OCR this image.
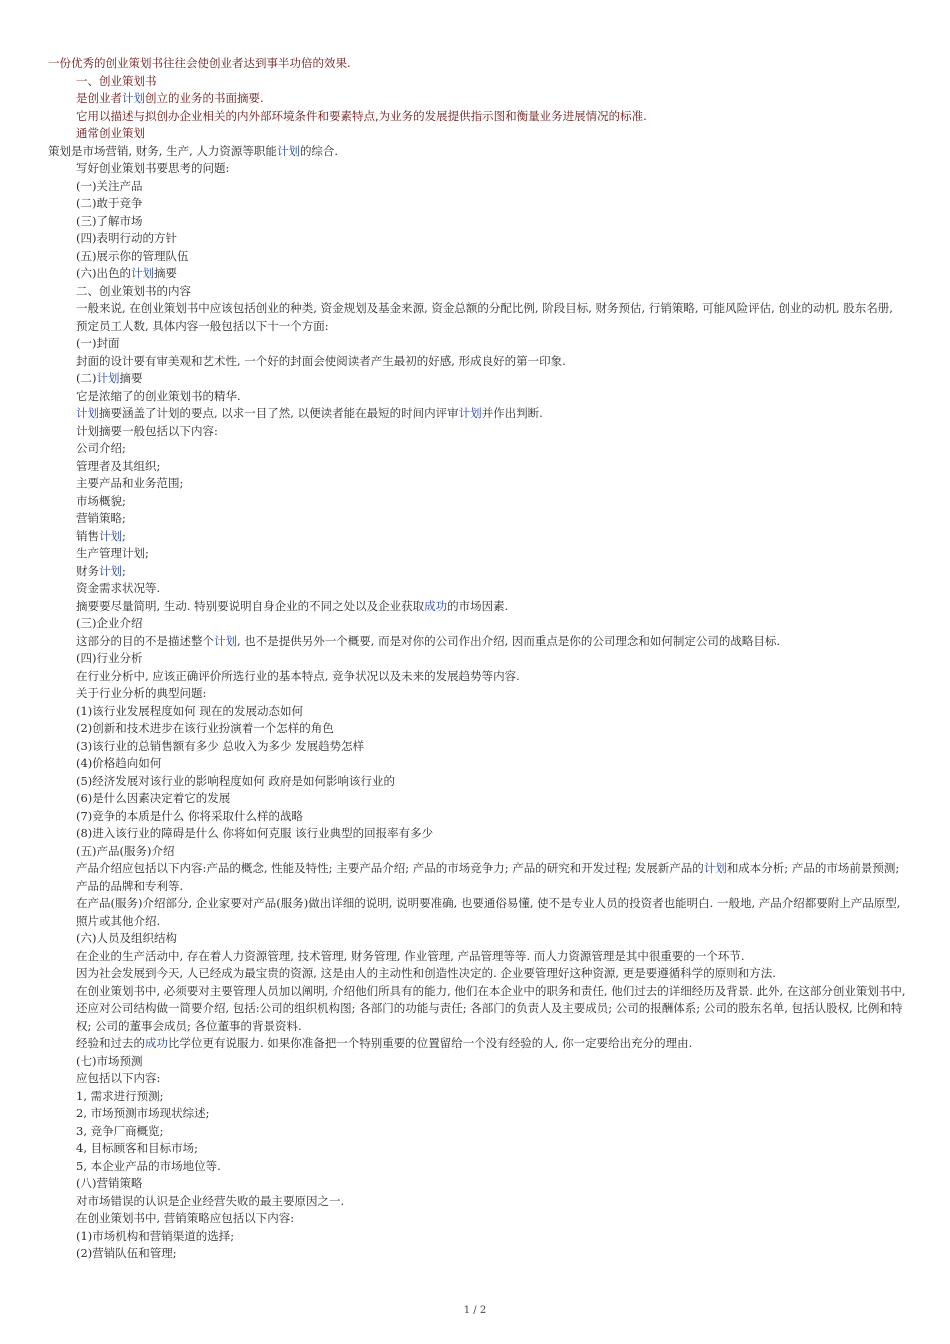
一份优秀的创业策划书往往会使创业者达到事半功倍的效果.
一、创业策划书
是创业者计划创立的业务的书面摘要.
它用以描述与拟创办企业相关的内外部环境条件和要素特点,为业务的发展提供指示图和衡量业务进展情况的标准.
通常创业策划
策划是市场营销, 财务, 生产, 人力资源等职能计划的综合.
写好创业策划书要思考的问题:
(一)关注产品
(二)敢于竞争
(三)了解市场
(四)表明行动的方针
(五)展示你的管理队伍
(六)出色的计划摘要
二、创业策划书的内容
一般来说, 在创业策划书中应该包括创业的种类, 资金规划及基金来源, 资金总额的分配比例, 阶段目标, 财务预估, 行销策略, 可能风险评估, 创业的动机, 股东名册, 预定员工人数, 具体内容一般包括以下十一个方面:
(一)封面
封面的设计要有审美观和艺术性, 一个好的封面会使阅读者产生最初的好感, 形成良好的第一印象.
(二)计划摘要
它是浓缩了的创业策划书的精华.
计划摘要涵盖了计划的要点, 以求一目了然, 以便读者能在最短的时间内评审计划并作出判断.
计划摘要一般包括以下内容:
公司介绍;
管理者及其组织;
主要产品和业务范围;
市场概貌;
营销策略;
销售计划;
生产管理计划;
财务计划;
资金需求状况等.
摘要要尽量简明, 生动. 特别要说明自身企业的不同之处以及企业获取成功的市场因素.
(三)企业介绍
这部分的目的不是描述整个计划, 也不是提供另外一个概要, 而是对你的公司作出介绍, 因而重点是你的公司理念和如何制定公司的战略目标.
(四)行业分析
在行业分析中, 应该正确评价所选行业的基本特点, 竞争状况以及未来的发展趋势等内容.
关于行业分析的典型问题:
(1)该行业发展程度如何 现在的发展动态如何
(2)创新和技术进步在该行业扮演着一个怎样的角色
(3)该行业的总销售额有多少 总收入为多少 发展趋势怎样
(4)价格趋向如何
(5)经济发展对该行业的影响程度如何 政府是如何影响该行业的
(6)是什么因素决定着它的发展
(7)竞争的本质是什么 你将采取什么样的战略
(8)进入该行业的障碍是什么 你将如何克服 该行业典型的回报率有多少
(五)产品(服务)介绍
产品介绍应包括以下内容:产品的概念, 性能及特性; 主要产品介绍; 产品的市场竞争力; 产品的研究和开发过程; 发展新产品的计划和成本分析; 产品的市场前景预测; 产品的品牌和专利等.
在产品(服务)介绍部分, 企业家要对产品(服务)做出详细的说明, 说明要准确, 也要通俗易懂, 使不是专业人员的投资者也能明白. 一般地, 产品介绍都要附上产品原型, 照片或其他介绍.
(六)人员及组织结构
在企业的生产活动中, 存在着人力资源管理, 技术管理, 财务管理, 作业管理, 产品管理等等. 而人力资源管理是其中很重要的一个环节.
因为社会发展到今天, 人已经成为最宝贵的资源, 这是由人的主动性和创造性决定的. 企业要管理好这种资源, 更是要遵循科学的原则和方法.
在创业策划书中, 必须要对主要管理人员加以阐明, 介绍他们所具有的能力, 他们在本企业中的职务和责任, 他们过去的详细经历及背景. 此外, 在这部分创业策划书中, 还应对公司结构做一简要介绍, 包括:公司的组织机构图; 各部门的功能与责任; 各部门的负责人及主要成员; 公司的报酬体系; 公司的股东名单, 包括认股权, 比例和特权; 公司的董事会成员; 各位董事的背景资料.
经验和过去的成功比学位更有说服力. 如果你准备把一个特别重要的位置留给一个没有经验的人, 你一定要给出充分的理由.
(七)市场预测
应包括以下内容:
1, 需求进行预测;
2, 市场预测市场现状综述;
3, 竞争厂商概览;
4, 目标顾客和目标市场;
5, 本企业产品的市场地位等.
(八)营销策略
对市场错误的认识是企业经营失败的最主要原因之一.
在创业策划书中, 营销策略应包括以下内容:
(1)市场机构和营销渠道的选择;
(2)营销队伍和管理;
1 / 2
